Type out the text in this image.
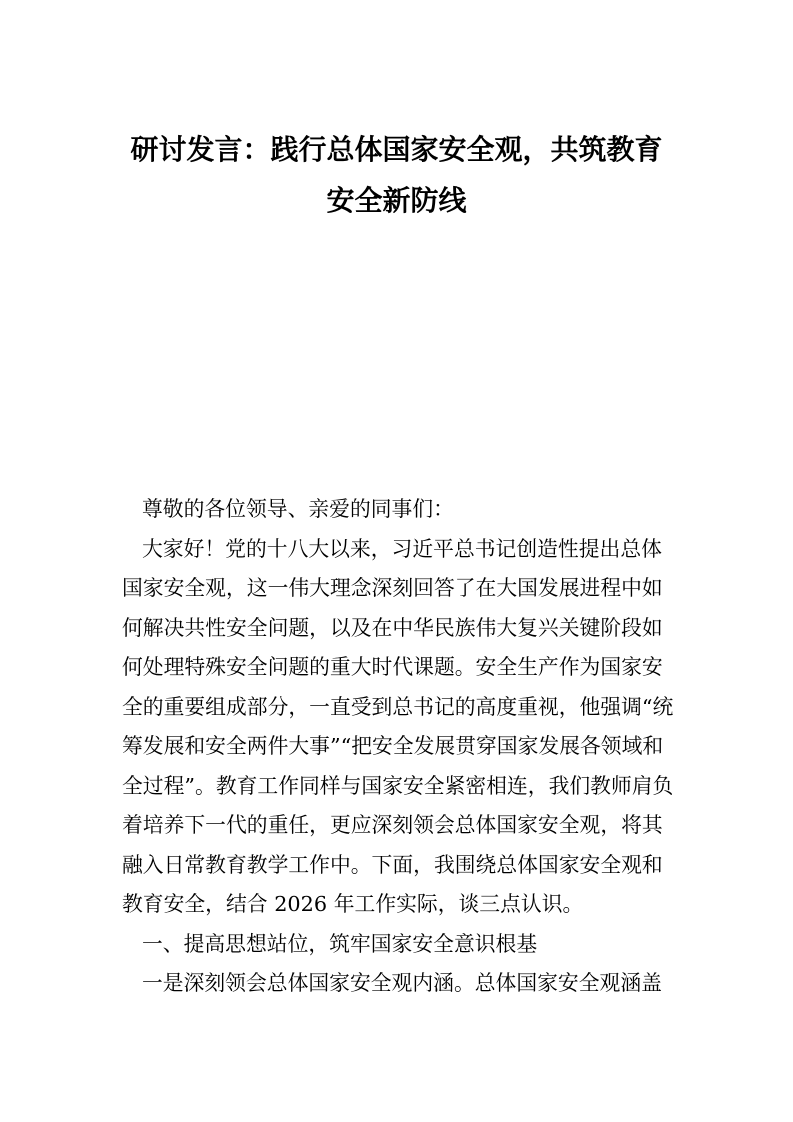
研讨发言：践行总体国家安全观，共筑教育
安全新防线

尊敬的各位领导、亲爱的同事们：

大家好！党的十八大以来，习近平总书记创造性提出总体

国家安全观，这一伟大理念深刻回答了在大国发展进程中如

何解决共性安全问题，以及在中华民族伟大复兴关键阶段如

何处理特殊安全问题的重大时代课题。安全生产作为国家安

全的重要组成部分，一直受到总书记的高度重视，他强调“统

筹发展和安全两件大事”“把安全发展贯穿国家发展各领域和

全过程”。教育工作同样与国家安全紧密相连，我们教师肩负

着培养下一代的重任，更应深刻领会总体国家安全观，将其

融入日常教育教学工作中。下面，我围绕总体国家安全观和

教育安全，结合 2026 年工作实际，谈三点认识。

一、提高思想站位，筑牢国家安全意识根基

一是深刻领会总体国家安全观内涵。总体国家安全观涵盖
